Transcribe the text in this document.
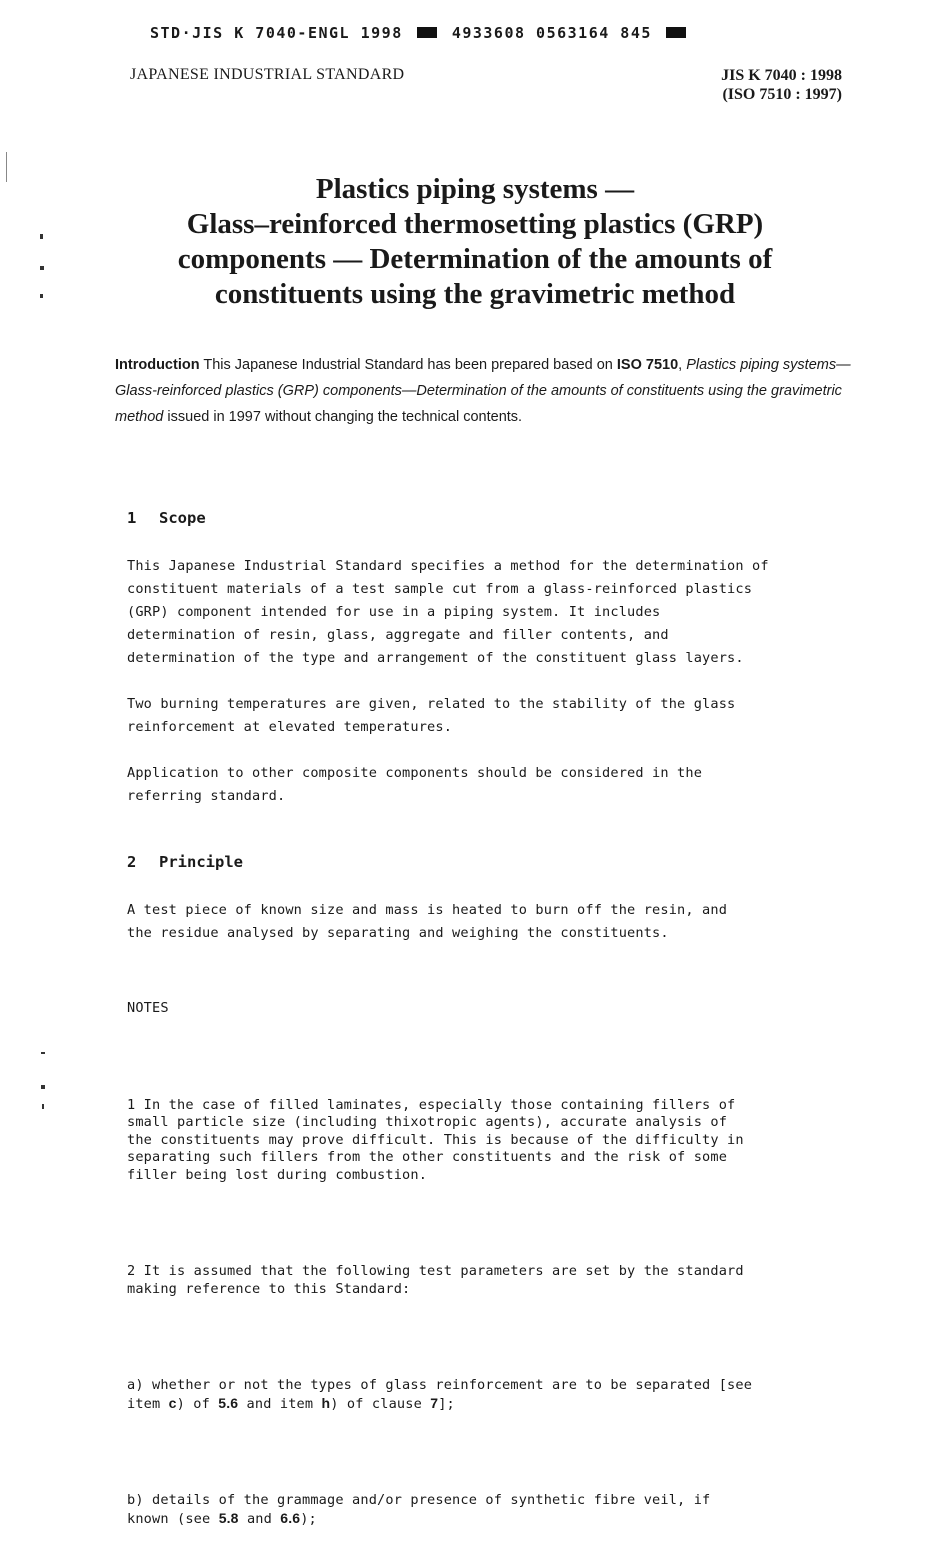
STD·JIS K 7040-ENGL 1998	4933608 0563164 845
JAPANESE INDUSTRIAL STANDARD	JIS K 7040 : 1998
(ISO 7510 : 1997)
Plastics piping systems —
Glass–reinforced thermosetting plastics (GRP)
components — Determination of the amounts of
constituents using the gravimetric method
Introduction This Japanese Industrial Standard has been prepared based on ISO 7510, Plastics piping systems—Glass-reinforced plastics (GRP) components—Determination of the amounts of constituents using the gravimetric method issued in 1997 without changing the technical contents.
1 Scope
This Japanese Industrial Standard specifies a method for the determination of
constituent materials of a test sample cut from a glass-reinforced plastics
(GRP) component intended for use in a piping system. It includes
determination of resin, glass, aggregate and filler contents, and
determination of the type and arrangement of the constituent glass layers.
Two burning temperatures are given, related to the stability of the glass
reinforcement at elevated temperatures.
Application to other composite components should be considered in the
referring standard.
2 Principle
A test piece of known size and mass is heated to burn off the resin, and
the residue analysed by separating and weighing the constituents.

NOTES

1 In the case of filled laminates, especially those containing fillers of
small particle size (including thixotropic agents), accurate analysis of
the constituents may prove difficult. This is because of the difficulty in
separating such fillers from the other constituents and the risk of some
filler being lost during combustion.

2 It is assumed that the following test parameters are set by the standard
making reference to this Standard:

a) whether or not the types of glass reinforcement are to be separated [see
item c) of 5.6 and item h) of clause 7];

b) details of the grammage and/or presence of synthetic fibre veil, if
known (see 5.8 and 6.6);
